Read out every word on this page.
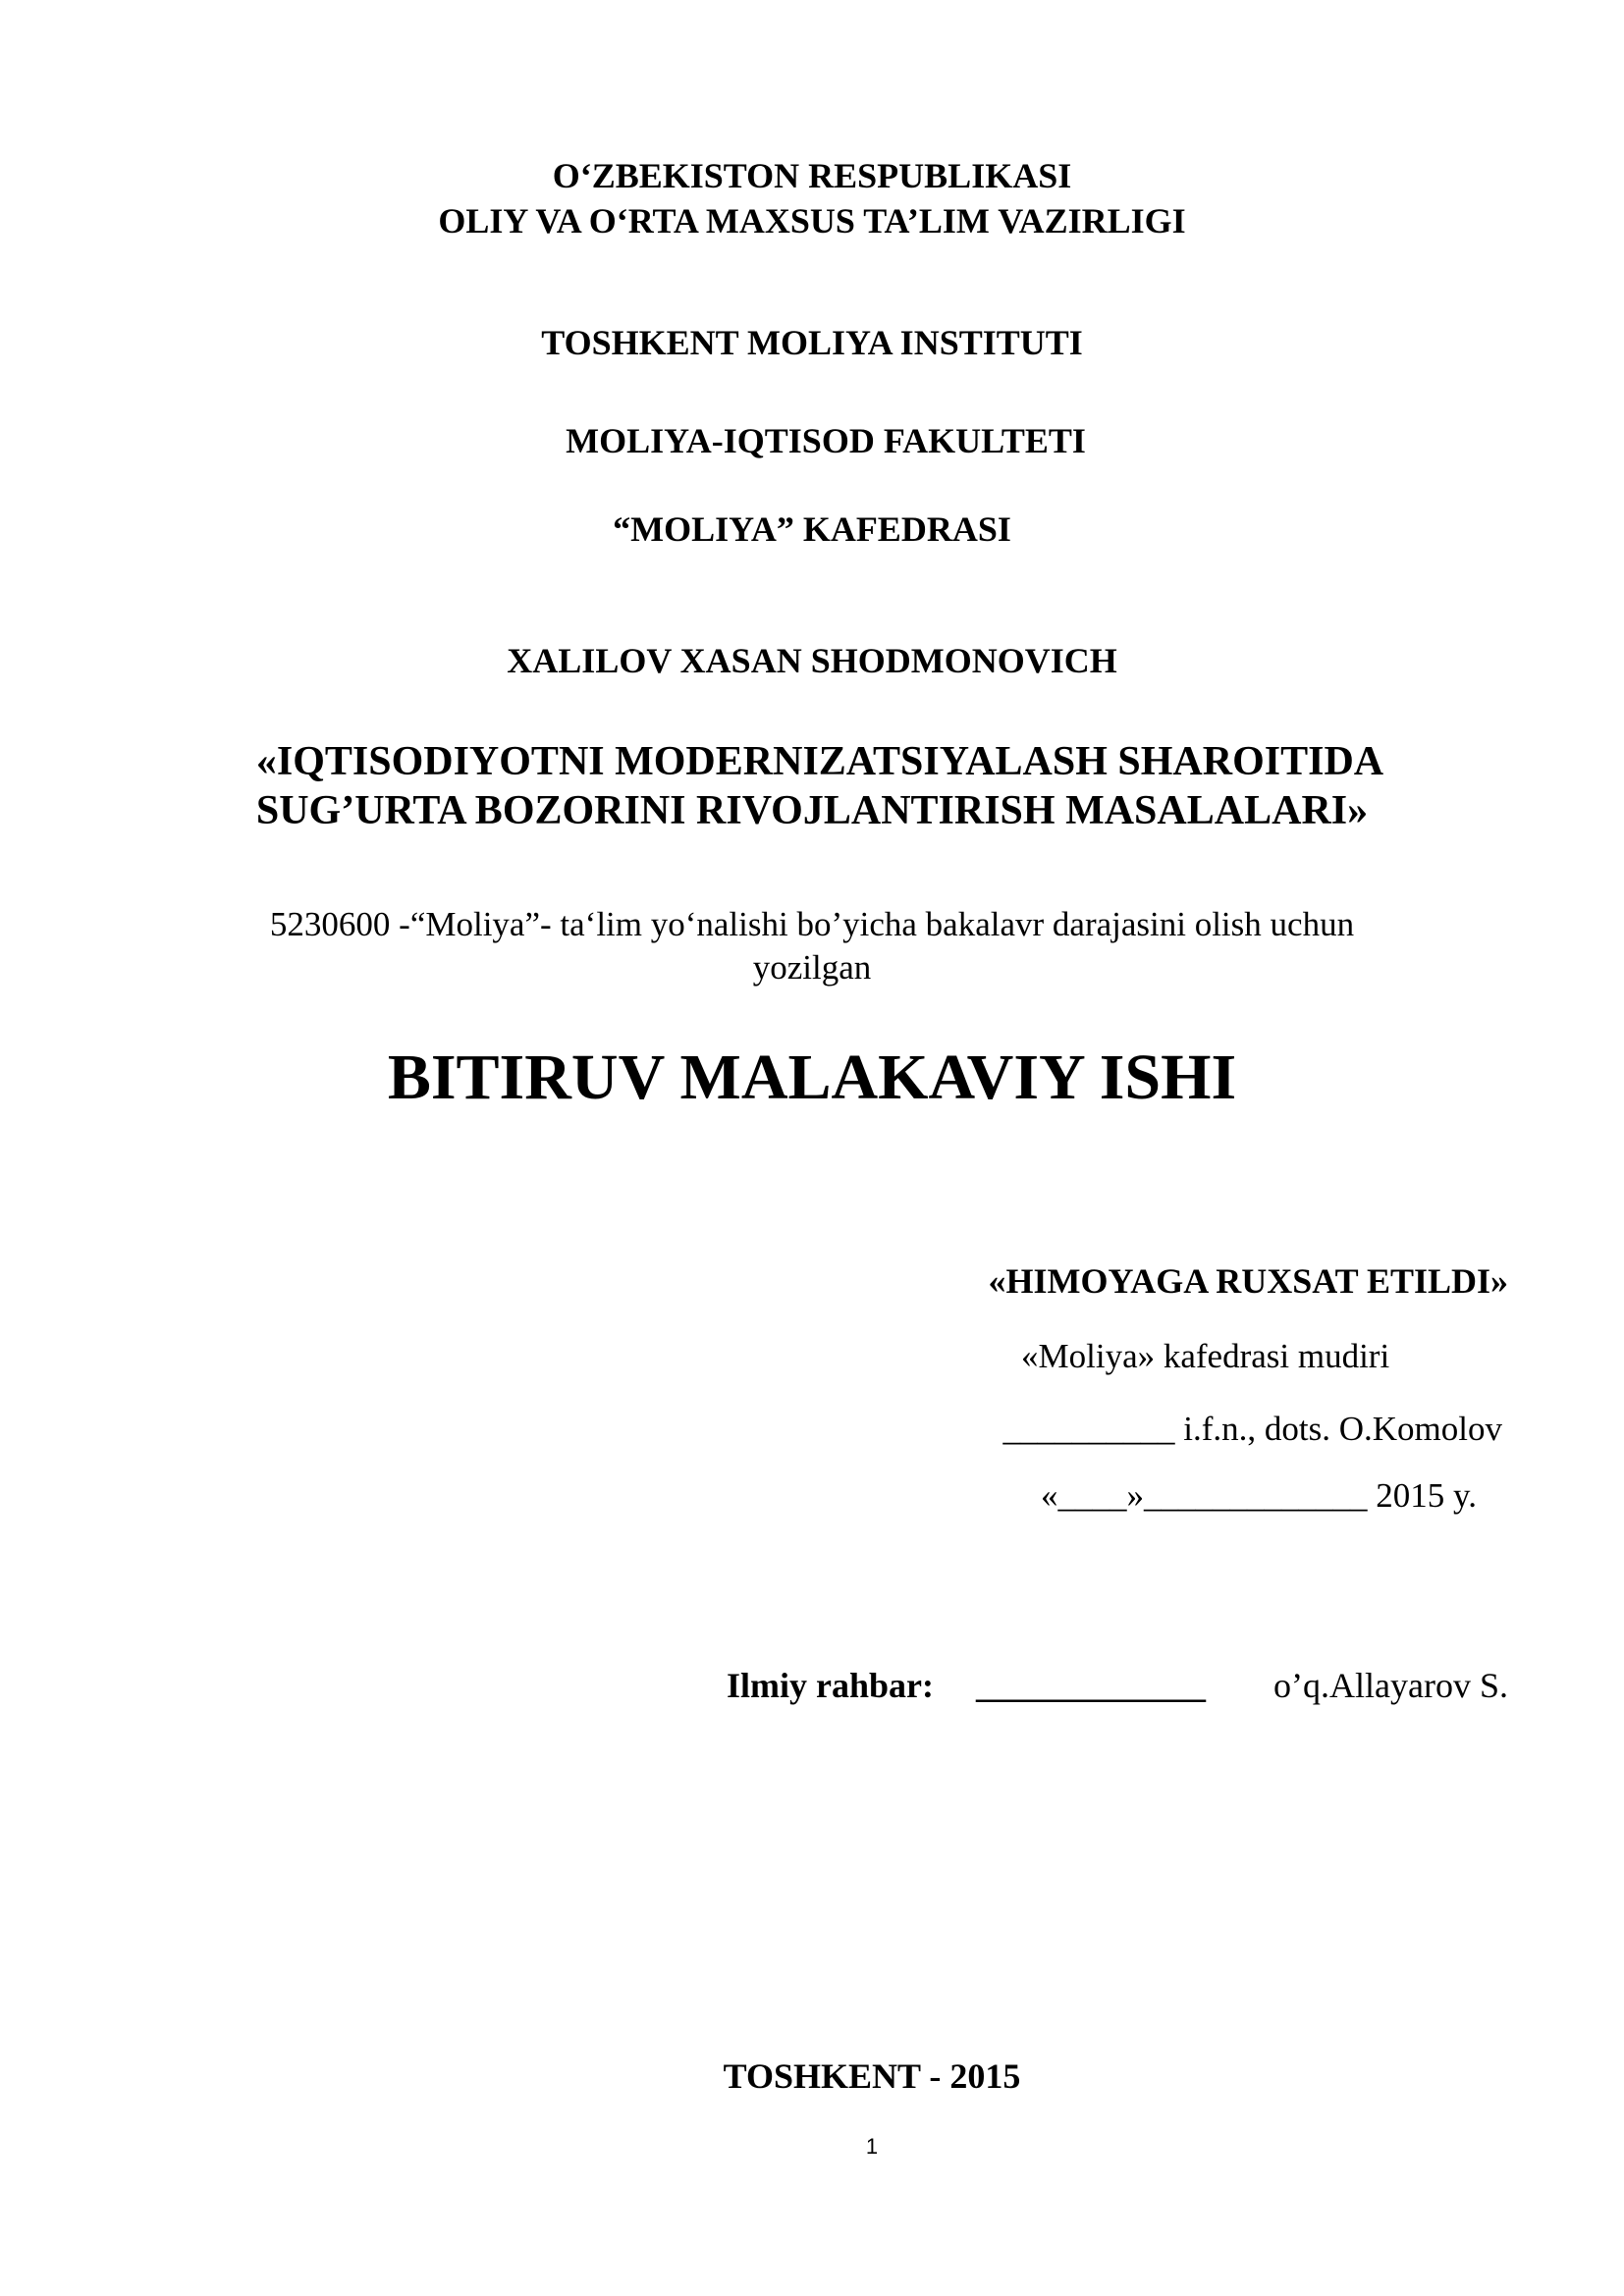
O‘ZBEKISTON RESPUBLIKASI

OLIY VA O‘RTA MAXSUS TA’LIM VAZIRLIGI

TOSHKENT MOLIYA INSTITUTI

MOLIYA-IQTISOD FAKULTETI

“MOLIYA” KAFEDRASI

XALILOV XASAN SHODMONOVICH

«IQTISODIYOTNI MODERNIZATSIYALASH SHAROITIDA

SUG’URTA BOZORINI RIVOJLANTIRISH MASALALARI»

5230600 -“Moliya”- ta‘lim yo‘nalishi bo’yicha bakalavr darajasini olish uchun

yozilgan

BITIRUV MALAKAVIY ISHI

«HIMOYAGA RUXSAT ETILDI»
«Moliya» kafedrasi mudiri
__________ i.f.n., dots. O.Komolov
«____»_____________ 2015 y.
Ilmiy rahbar: _____________ o’q.Allayarov S.
TOSHKENT - 2015
1
